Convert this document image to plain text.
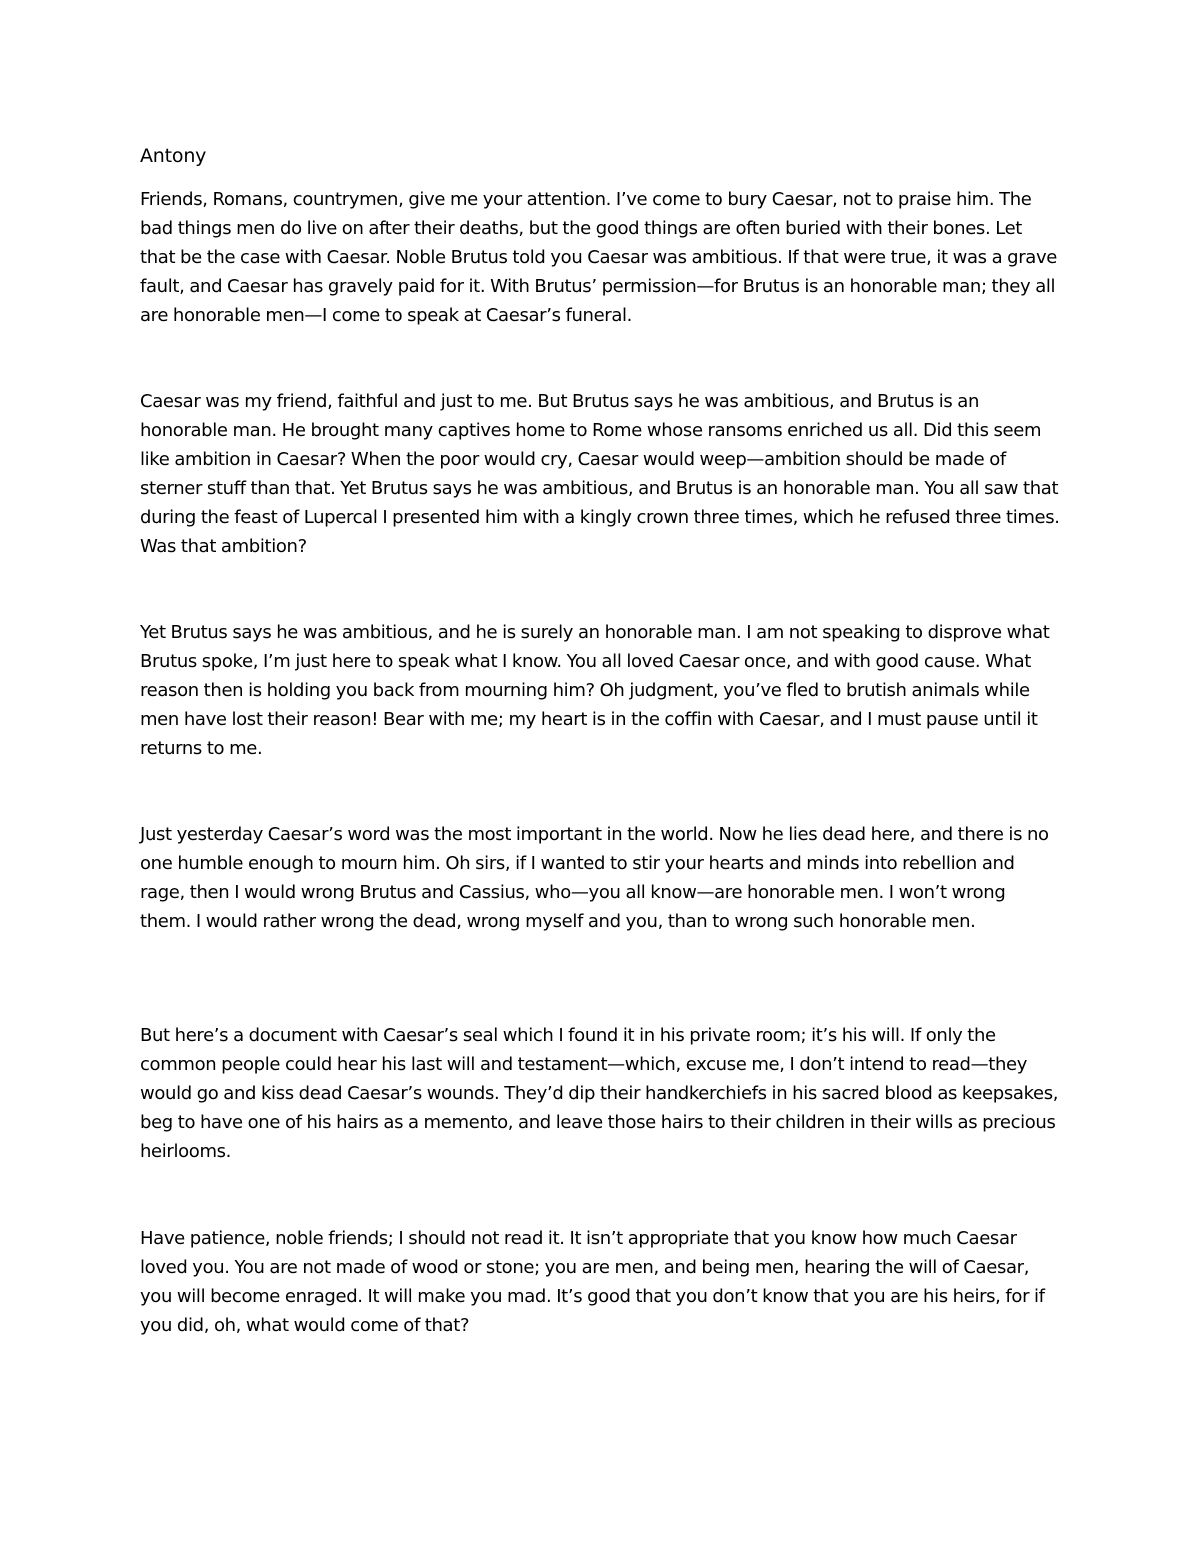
Antony

Friends, Romans, countrymen, give me your attention. I’ve come to bury Caesar, not to praise him. The bad things men do live on after their deaths, but the good things are often buried with their bones. Let that be the case with Caesar. Noble Brutus told you Caesar was ambitious. If that were true, it was a grave fault, and Caesar has gravely paid for it. With Brutus’ permission—for Brutus is an honorable man; they all are honorable men—I come to speak at Caesar’s funeral.

Caesar was my friend, faithful and just to me. But Brutus says he was ambitious, and Brutus is an honorable man. He brought many captives home to Rome whose ransoms enriched us all. Did this seem like ambition in Caesar? When the poor would cry, Caesar would weep—ambition should be made of sterner stuff than that. Yet Brutus says he was ambitious, and Brutus is an honorable man. You all saw that during the feast of Lupercal I presented him with a kingly crown three times, which he refused three times. Was that ambition?

Yet Brutus says he was ambitious, and he is surely an honorable man. I am not speaking to disprove what Brutus spoke, I’m just here to speak what I know. You all loved Caesar once, and with good cause. What reason then is holding you back from mourning him? Oh judgment, you’ve fled to brutish animals while men have lost their reason! Bear with me; my heart is in the coffin with Caesar, and I must pause until it returns to me.

Just yesterday Caesar’s word was the most important in the world. Now he lies dead here, and there is no one humble enough to mourn him. Oh sirs, if I wanted to stir your hearts and minds into rebellion and rage, then I would wrong Brutus and Cassius, who—you all know—are honorable men. I won’t wrong them. I would rather wrong the dead, wrong myself and you, than to wrong such honorable men.

But here’s a document with Caesar’s seal which I found it in his private room; it’s his will. If only the common people could hear his last will and testament—which, excuse me, I don’t intend to read—they would go and kiss dead Caesar’s wounds. They’d dip their handkerchiefs in his sacred blood as keepsakes, beg to have one of his hairs as a memento, and leave those hairs to their children in their wills as precious heirlooms.

Have patience, noble friends; I should not read it. It isn’t appropriate that you know how much Caesar loved you. You are not made of wood or stone; you are men, and being men, hearing the will of Caesar, you will become enraged. It will make you mad. It’s good that you don’t know that you are his heirs, for if you did, oh, what would come of that?
